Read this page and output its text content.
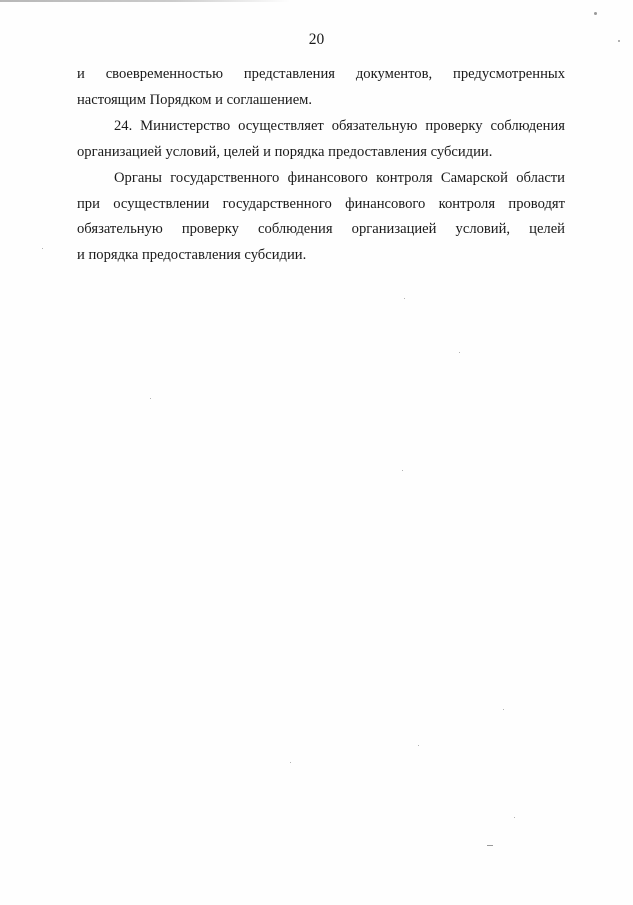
20
и своевременностью представления документов, предусмотренных
настоящим Порядком и соглашением.
24. Министерство осуществляет обязательную проверку соблюдения
организацией условий, целей и порядка предоставления субсидии.
Органы государственного финансового контроля Самарской области
при осуществлении государственного финансового контроля проводят
обязательную проверку соблюдения организацией условий, целей
и порядка предоставления субсидии.
